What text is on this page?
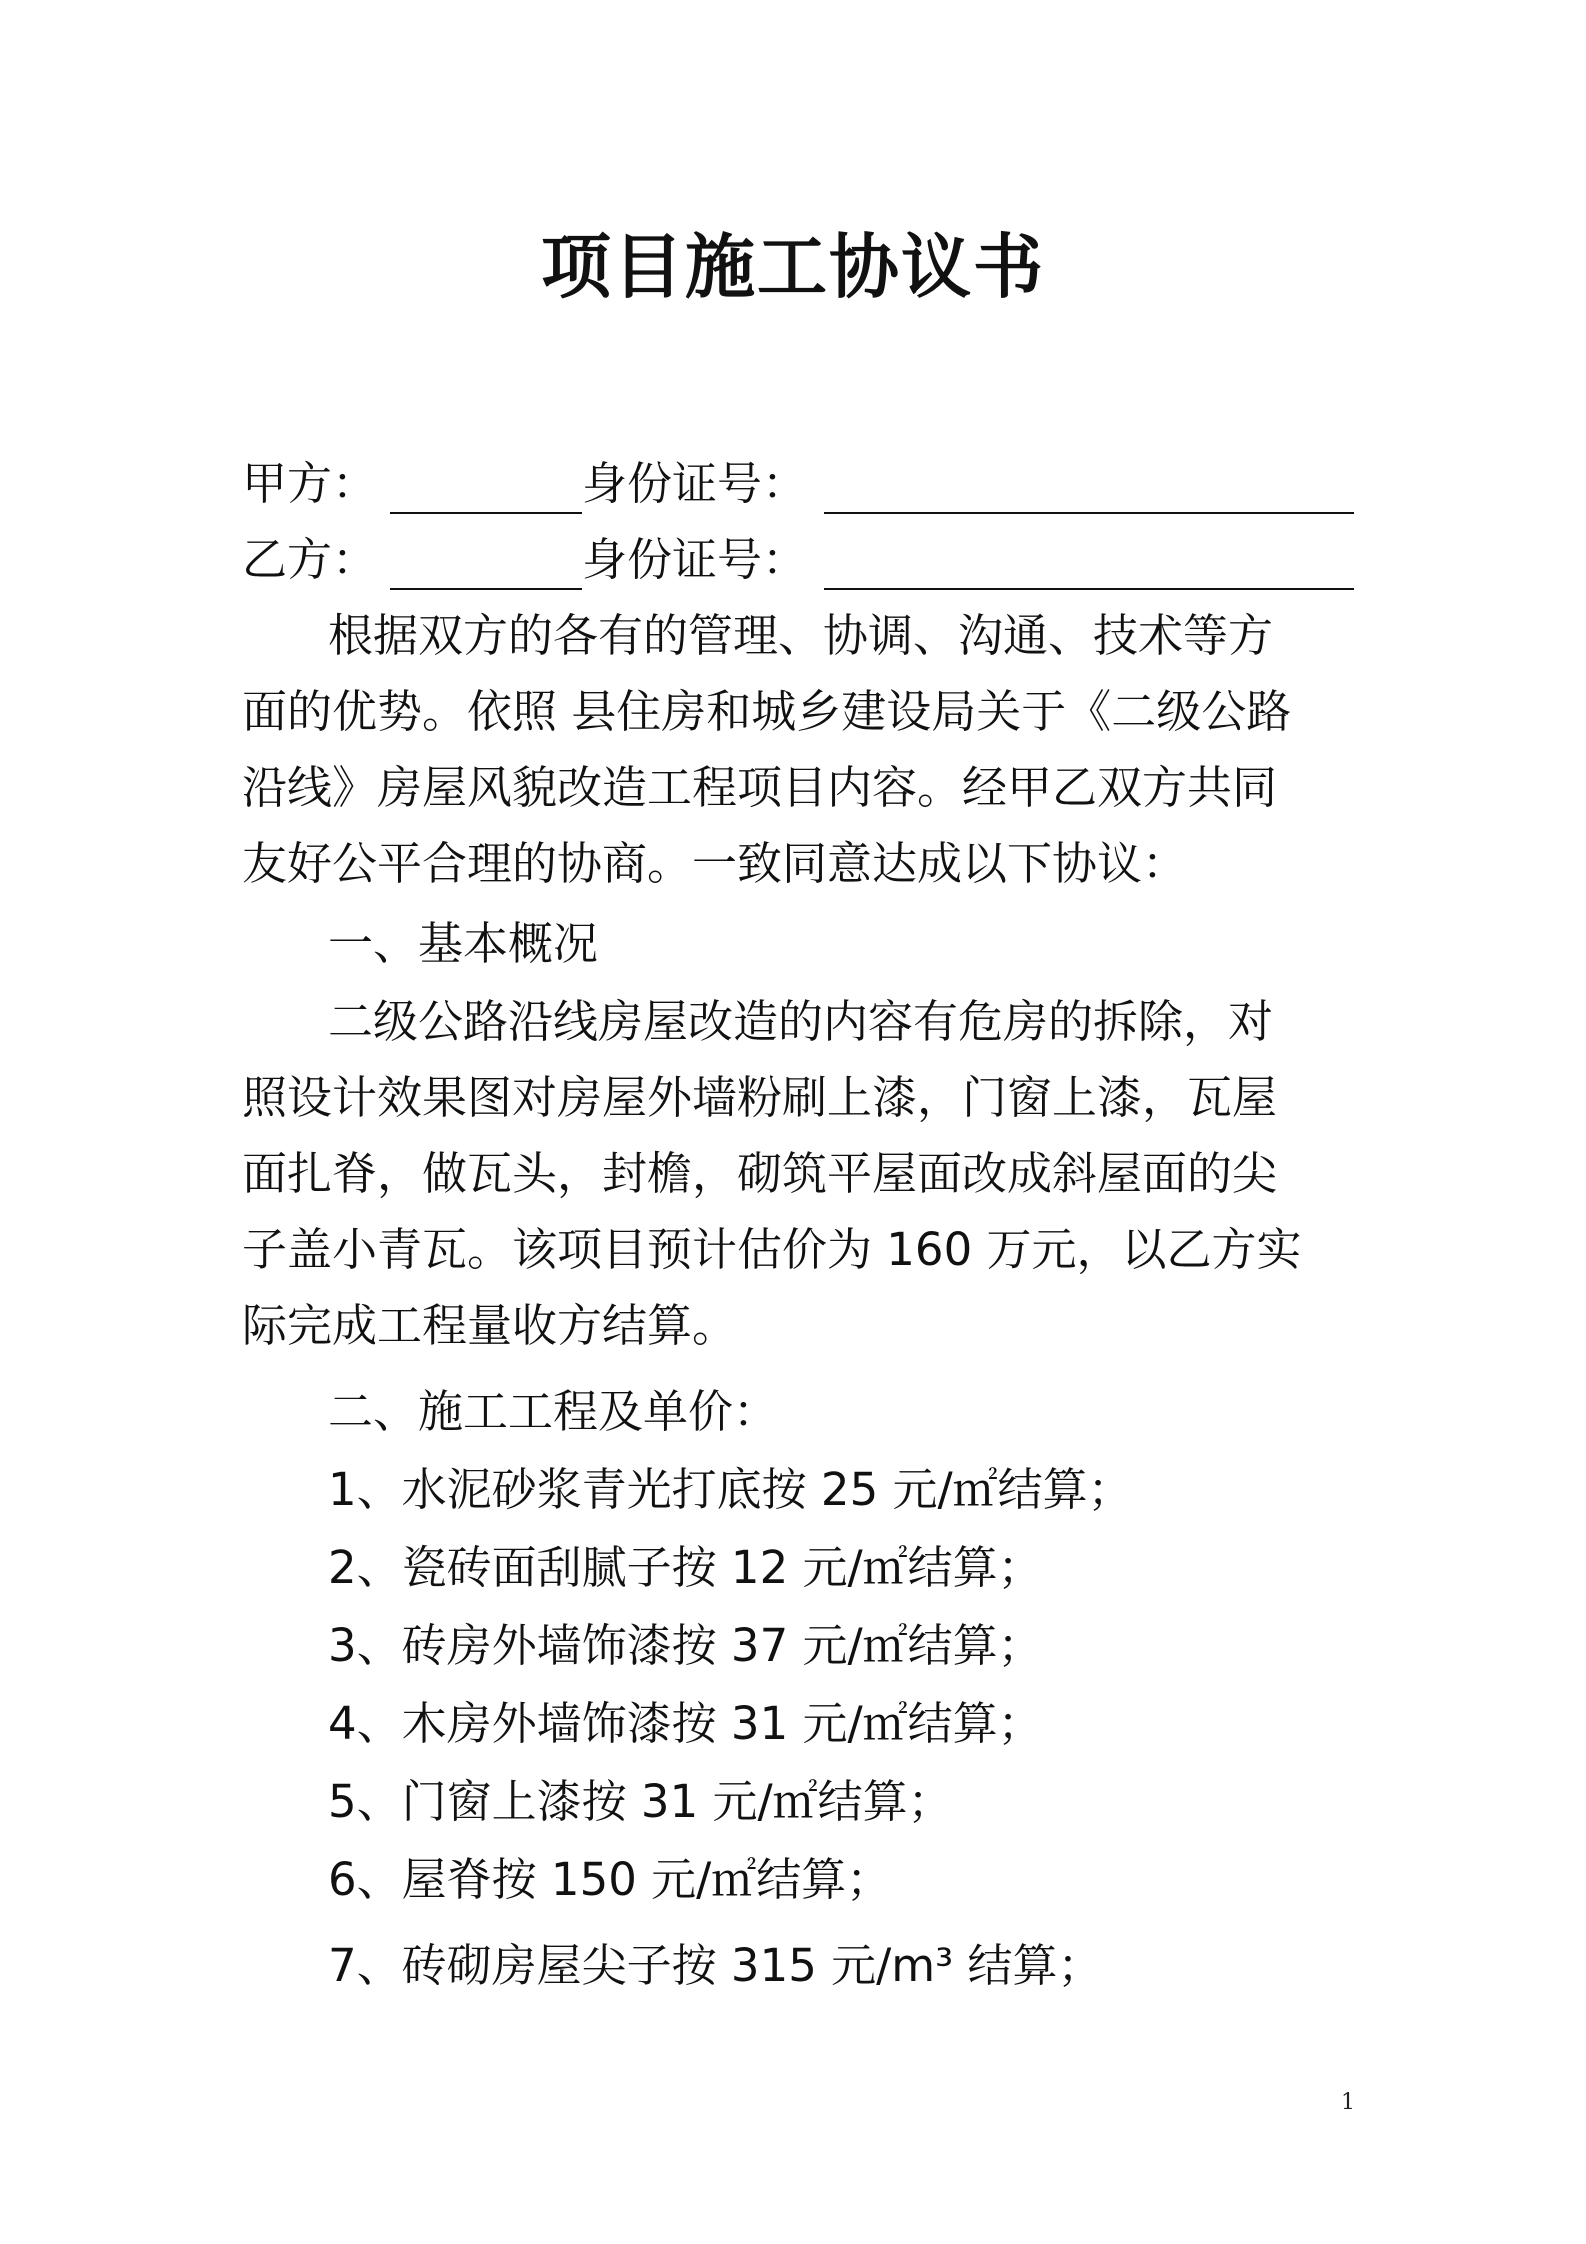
项目施工协议书
甲方：	身份证号：
乙方：	身份证号：
根据双方的各有的管理、协调、沟通、技术等方
面的优势。依照 县住房和城乡建设局关于《二级公路
沿线》房屋风貌改造工程项目内容。经甲乙双方共同
友好公平合理的协商。一致同意达成以下协议：
一、基本概况
二级公路沿线房屋改造的内容有危房的拆除，对
照设计效果图对房屋外墙粉刷上漆，门窗上漆，瓦屋
面扎脊，做瓦头，封檐，砌筑平屋面改成斜屋面的尖
子盖小青瓦。该项目预计估价为 160 万元，以乙方实
际完成工程量收方结算。
二、施工工程及单价：
1、水泥砂浆青光打底按 25 元/㎡结算；
2、瓷砖面刮腻子按 12 元/㎡结算；
3、砖房外墙饰漆按 37 元/㎡结算；
4、木房外墙饰漆按 31 元/㎡结算；
5、门窗上漆按 31 元/㎡结算；
6、屋脊按 150 元/㎡结算；
7、砖砌房屋尖子按 315 元/m³ 结算；
1
